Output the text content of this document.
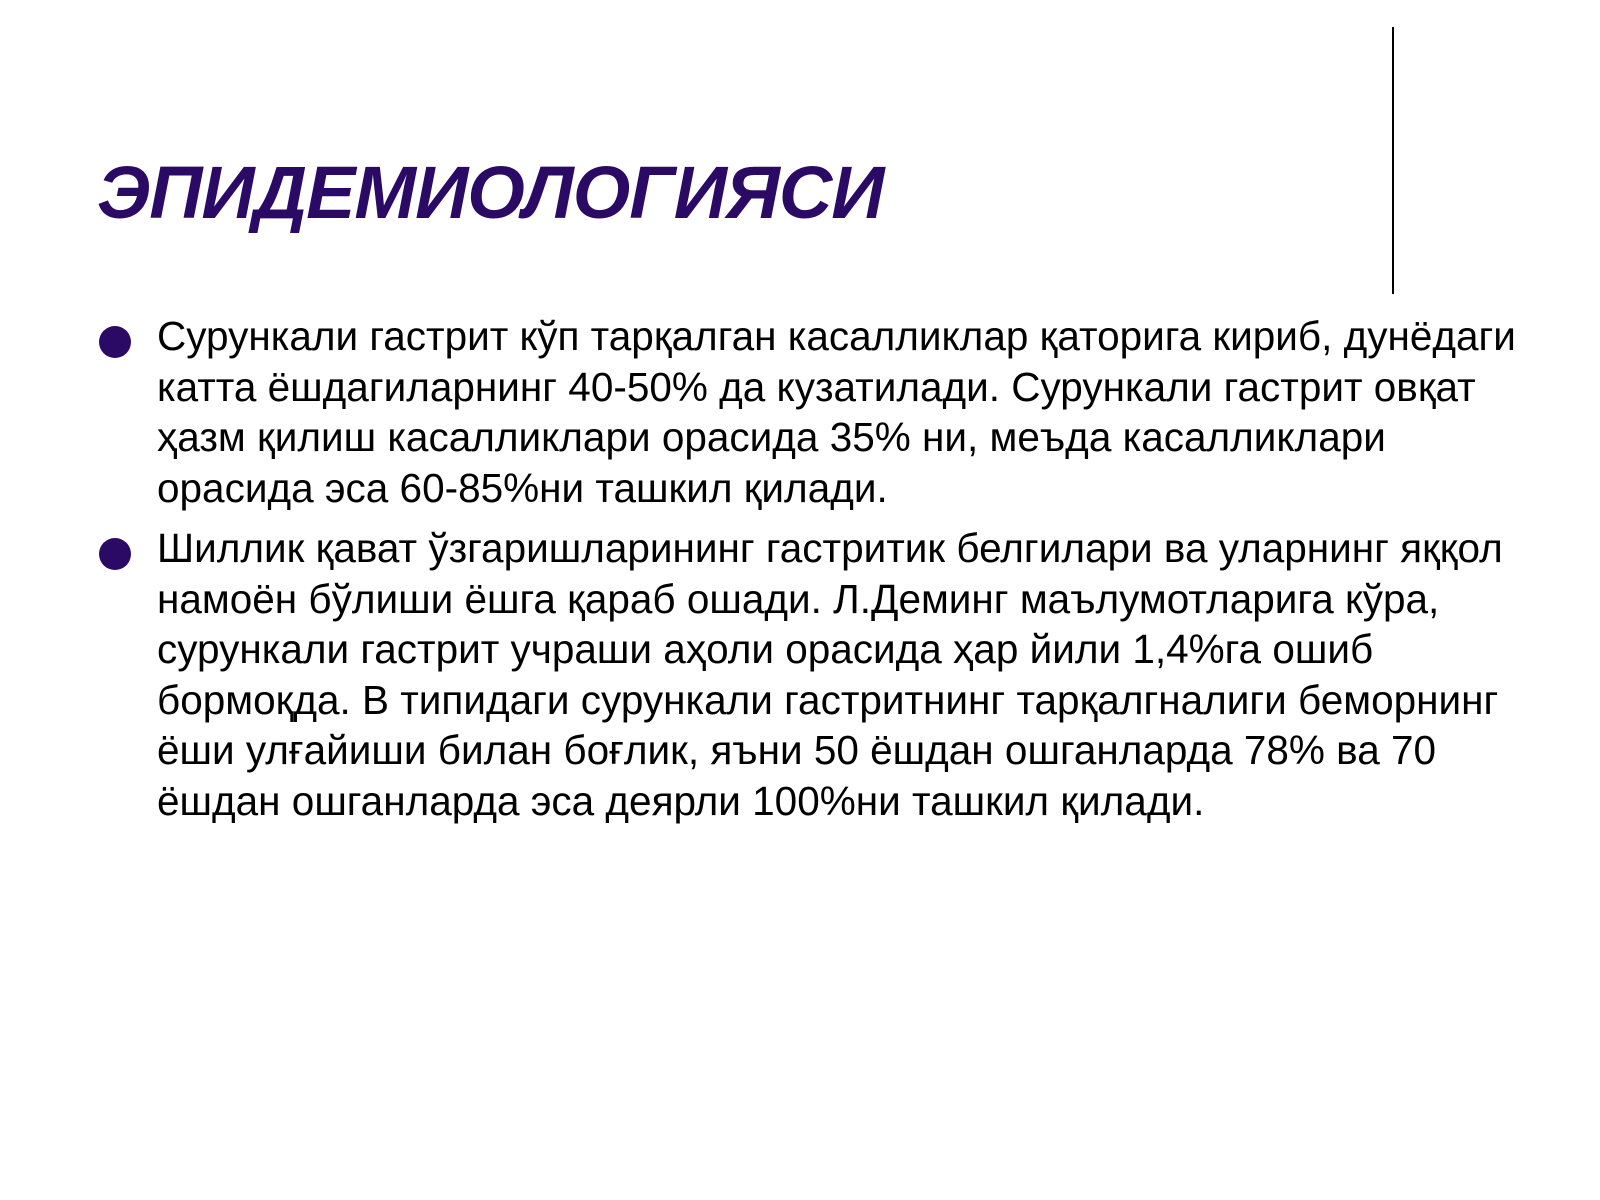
ЭПИДЕМИОЛОГИЯСИ
Сурункали гастрит кўп тарқалган касалликлар қаторига кириб, дунёдаги катта ёшдагиларнинг 40-50% да кузатилади. Сурункали гастрит овқат ҳазм қилиш касалликлари орасида 35% ни, меъда касалликлари орасида эса 60-85%ни ташкил қилади.
Шиллик қават ўзгаришларининг гастритик белгилари ва уларнинг яққол намоён бўлиши ёшга қараб ошади. Л.Деминг маълумотларига кўра, сурункали гастрит учраши аҳоли орасида ҳар йили 1,4%га ошиб бормоқда. В типидаги сурункали гастритнинг тарқалгналиги беморнинг ёши улғайиши билан боғлик, яъни 50 ёшдан ошганларда 78% ва 70 ёшдан ошганларда эса деярли 100%ни ташкил қилади.
